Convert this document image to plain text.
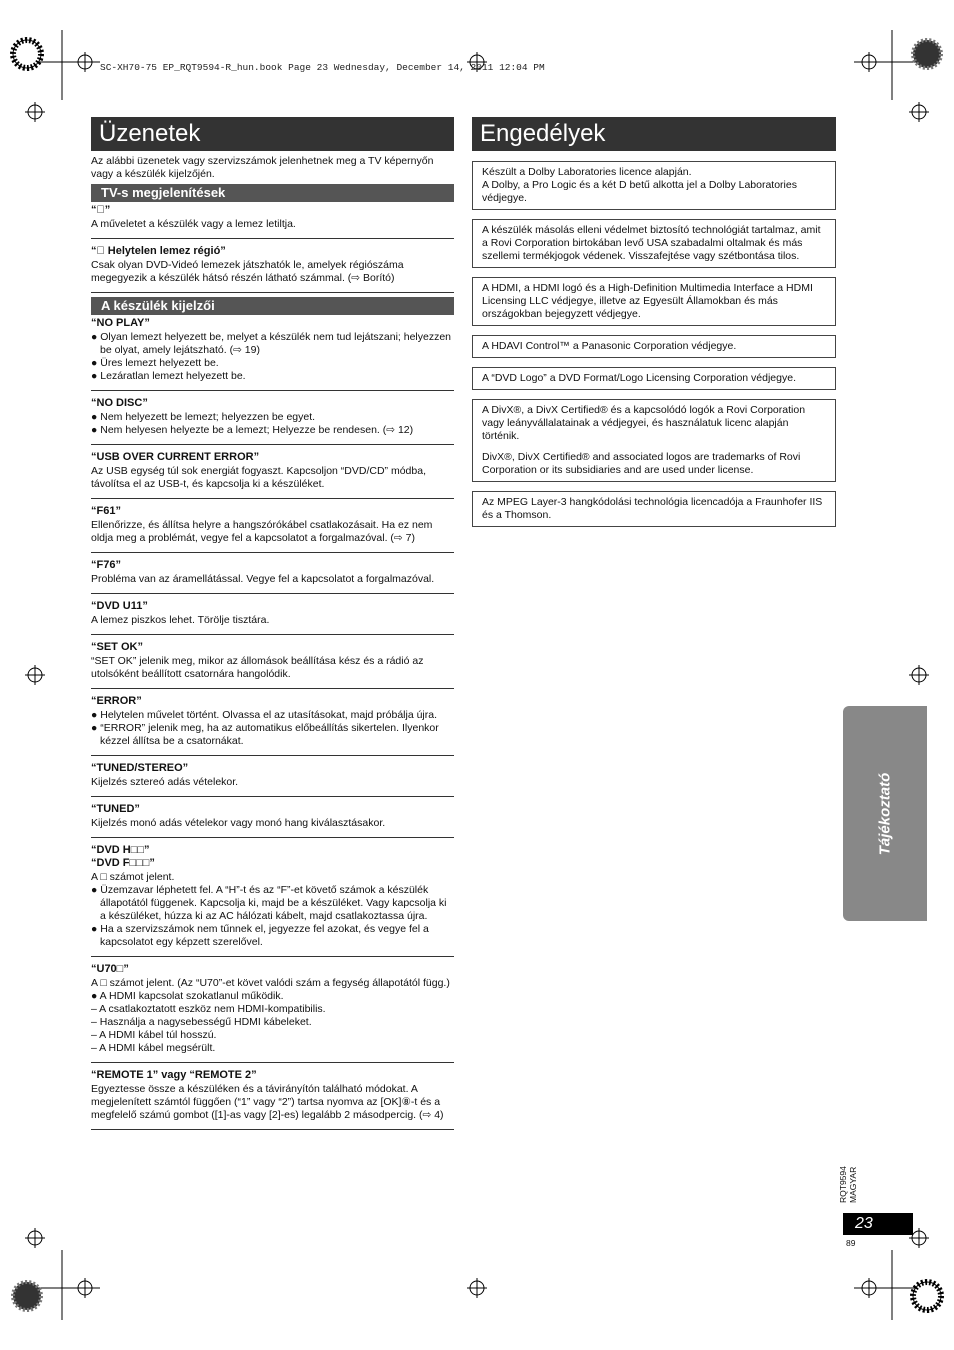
SC-XH70-75 EP_RQT9594-R_hun.book Page 23 Wednesday, December 14, 2011 12:04 PM
Üzenetek
Az alábbi üzenetek vagy szervizszámok jelenhetnek meg a TV képernyőn vagy a készülék kijelzőjén.
TV-s megjelenítések
“⃠”
A műveletet a készülék vagy a lemez letiltja.
“⃠ Helytelen lemez régió”
Csak olyan DVD-Videó lemezek játszhatók le, amelyek régiószáma megegyezik a készülék hátsó részén látható számmal. (⇨ Borító)
A készülék kijelzői
“NO PLAY”
● Olyan lemezt helyezett be, melyet a készülék nem tud lejátszani; helyezzen be olyat, amely lejátszható. (⇨ 19)
● Üres lemezt helyezett be.
● Lezáratlan lemezt helyezett be.
“NO DISC”
● Nem helyezett be lemezt; helyezzen be egyet.
● Nem helyesen helyezte be a lemezt; Helyezze be rendesen. (⇨ 12)
“USB OVER CURRENT ERROR”
Az USB egység túl sok energiát fogyaszt. Kapcsoljon “DVD/CD” módba, távolítsa el az USB-t, és kapcsolja ki a készüléket.
“F61”
Ellenőrizze, és állítsa helyre a hangszórókábel csatlakozásait. Ha ez nem oldja meg a problémát, vegye fel a kapcsolatot a forgalmazóval. (⇨ 7)
“F76”
Probléma van az áramellátással. Vegye fel a kapcsolatot a forgalmazóval.
“DVD U11”
A lemez piszkos lehet. Törölje tisztára.
“SET OK”
“SET OK” jelenik meg, mikor az állomások beállítása kész és a rádió az utolsóként beállított csatornára hangolódik.
“ERROR”
● Helytelen művelet történt. Olvassa el az utasításokat, majd próbálja újra.
● “ERROR” jelenik meg, ha az automatikus előbeállítás sikertelen. Ilyenkor kézzel állítsa be a csatornákat.
“TUNED/STEREO”
Kijelzés sztereó adás vételekor.
“TUNED”
Kijelzés monó adás vételekor vagy monó hang kiválasztásakor.
“DVD H□□”
“DVD F□□□”
A □ számot jelent.
● Üzemzavar léphetett fel. A “H”-t és az “F”-et követő számok a készülék állapotától függenek. Kapcsolja ki, majd be a készüléket. Vagy kapcsolja ki a készüléket, húzza ki az AC hálózati kábelt, majd csatlakoztassa újra.
● Ha a szervizszámok nem tűnnek el, jegyezze fel azokat, és vegye fel a kapcsolatot egy képzett szerelővel.
“U70□”
A □ számot jelent. (Az “U70”-et követ valódi szám a fegység állapotától függ.)
● A HDMI kapcsolat szokatlanul működik.
– A csatlakoztatott eszköz nem HDMI-kompatibilis.
– Használja a nagysebességű HDMI kábeleket.
– A HDMI kábel túl hosszú.
– A HDMI kábel megsérült.
“REMOTE 1” vagy “REMOTE 2”
Egyeztesse össze a készüléken és a távirányítón található módokat. A megjelenített számtól függően (“1” vagy “2”) tartsa nyomva az [OK]⑧-t és a megfelelő számú gombot ([1]-as vagy [2]-es) legalább 2 másodpercig. (⇨ 4)
Engedélyek
Készült a Dolby Laboratories licence alapján.
A Dolby, a Pro Logic és a két D betű alkotta jel a Dolby Laboratories védjegye.
A készülék másolás elleni védelmet biztosító technológiát tartalmaz, amit a Rovi Corporation birtokában levő USA szabadalmi oltalmak és más szellemi termékjogok védenek. Visszafejtése vagy szétbontása tilos.
A HDMI, a HDMI logó és a High-Definition Multimedia Interface a HDMI Licensing LLC védjegye, illetve az Egyesült Államokban és más országokban bejegyzett védjegye.
A HDAVI Control™ a Panasonic Corporation védjegye.
A “DVD Logo” a DVD Format/Logo Licensing Corporation védjegye.
A DivX®, a DivX Certified® és a kapcsolódó logók a Rovi Corporation vagy leányvállalatainak a védjegyei, és használatuk licenc alapján történik.
DivX®, DivX Certified® and associated logos are trademarks of Rovi Corporation or its subsidiaries and are used under license.
Az MPEG Layer-3 hangkódolási technológia licencadója a Fraunhofer IIS és a Thomson.
Tájékoztató
RQT9594 MAGYAR
23
89
